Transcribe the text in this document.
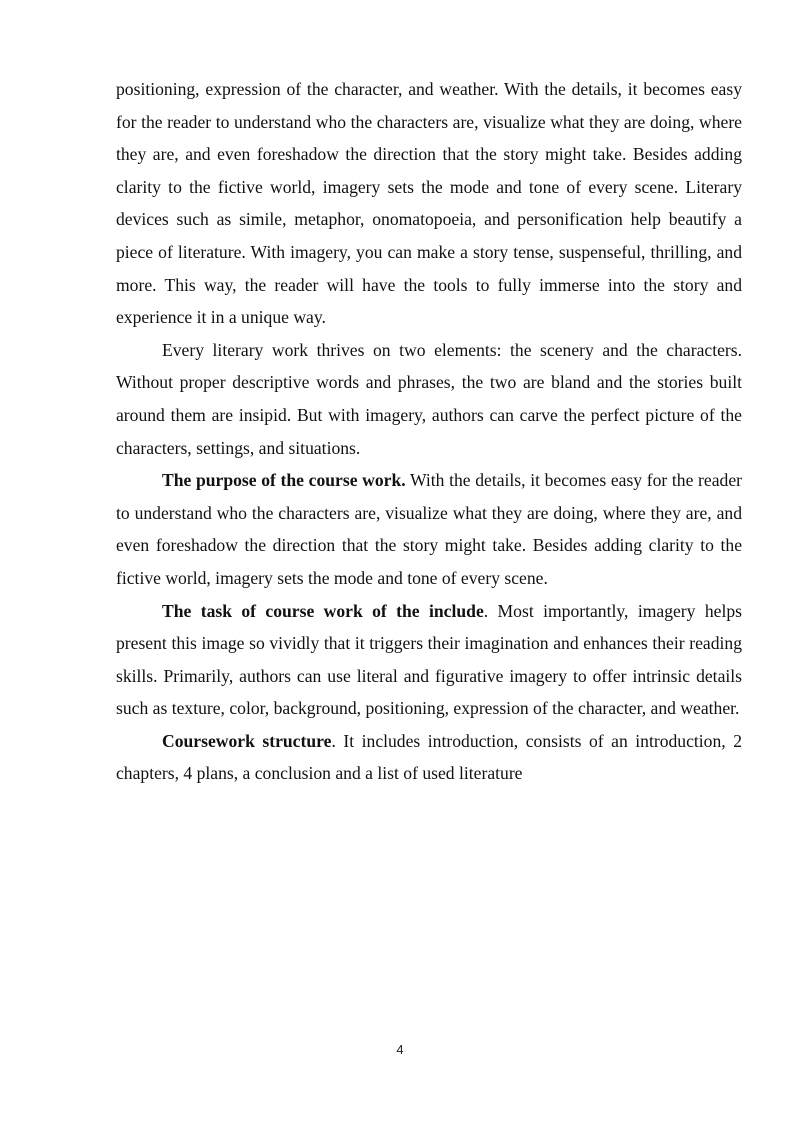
positioning, expression of the character, and weather. With the details, it becomes easy for the reader to understand who the characters are, visualize what they are doing, where they are, and even foreshadow the direction that the story might take. Besides adding clarity to the fictive world, imagery sets the mode and tone of every scene. Literary devices such as simile, metaphor, onomatopoeia, and personification help beautify a piece of literature. With imagery, you can make a story tense, suspenseful, thrilling, and more. This way, the reader will have the tools to fully immerse into the story and experience it in a unique way.

Every literary work thrives on two elements: the scenery and the characters. Without proper descriptive words and phrases, the two are bland and the stories built around them are insipid. But with imagery, authors can carve the perfect picture of the characters, settings, and situations.

The purpose of the course work. With the details, it becomes easy for the reader to understand who the characters are, visualize what they are doing, where they are, and even foreshadow the direction that the story might take. Besides adding clarity to the fictive world, imagery sets the mode and tone of every scene.

The task of course work of the include. Most importantly, imagery helps present this image so vividly that it triggers their imagination and enhances their reading skills. Primarily, authors can use literal and figurative imagery to offer intrinsic details such as texture, color, background, positioning, expression of the character, and weather.

Coursework structure. It includes introduction, consists of an introduction, 2 chapters, 4 plans, a conclusion and a list of used literature

4
